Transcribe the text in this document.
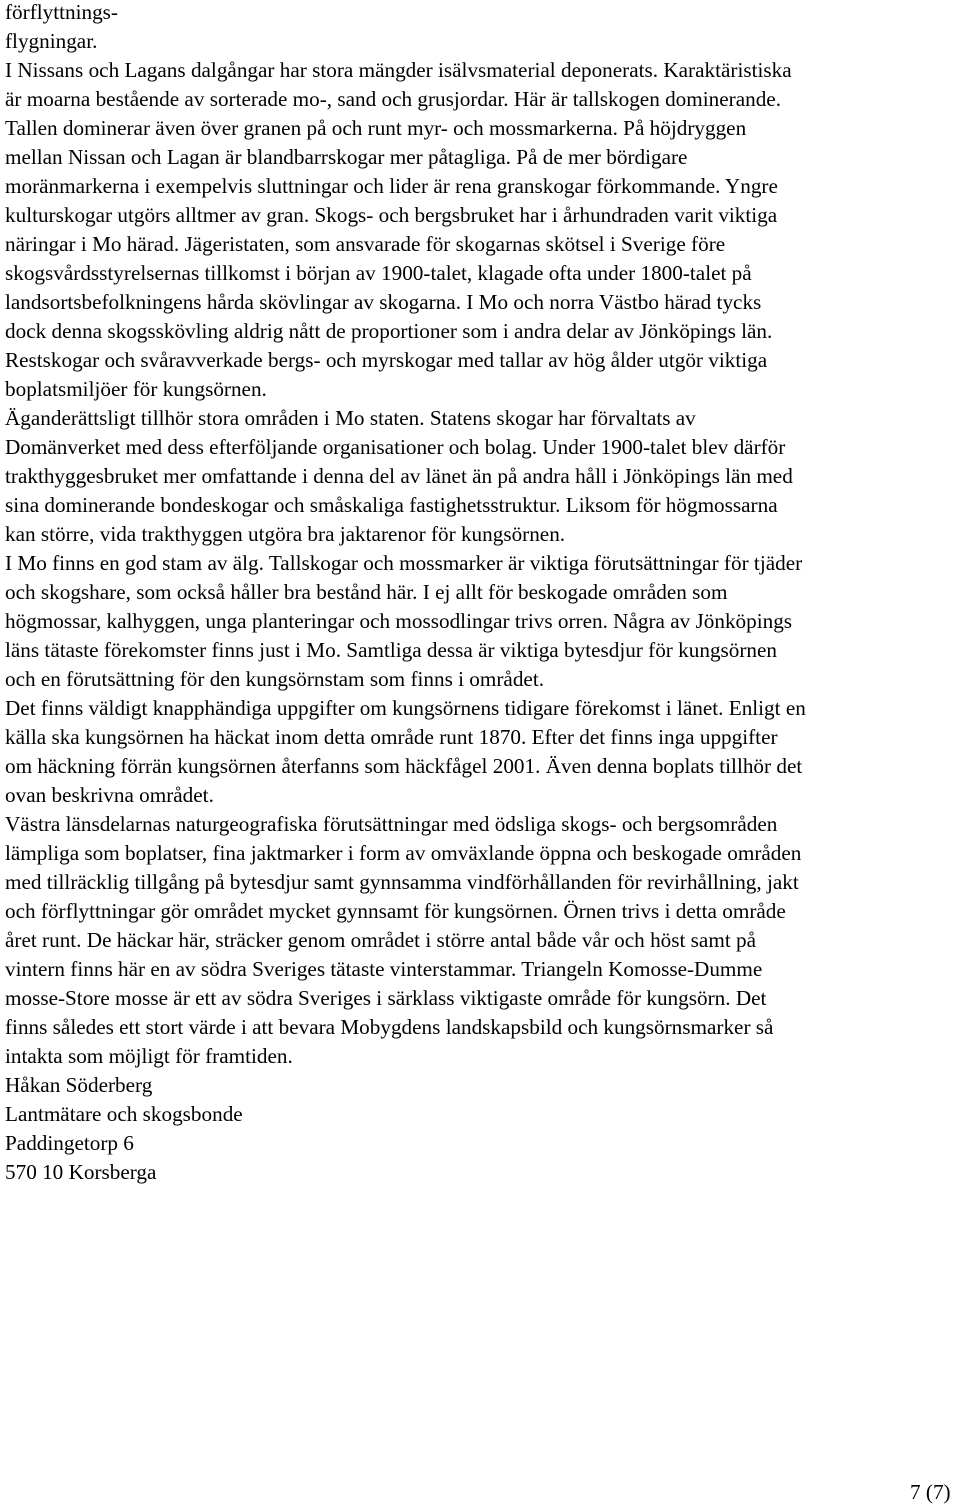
förflyttnings-
flygningar.
I Nissans och Lagans dalgångar har stora mängder isälvsmaterial deponerats. Karaktäristiska
är moarna bestående av sorterade mo-, sand och grusjordar. Här är tallskogen dominerande.
Tallen dominerar även över granen på och runt myr- och mossmarkerna. På höjdryggen
mellan Nissan och Lagan är blandbarrskogar mer påtagliga. På de mer bördigare
moränmarkerna i exempelvis sluttningar och lider är rena granskogar förkommande. Yngre
kulturskogar utgörs alltmer av gran. Skogs- och bergsbruket har i århundraden varit viktiga
näringar i Mo härad. Jägeristaten, som ansvarade för skogarnas skötsel i Sverige före
skogsvårdsstyrelsernas tillkomst i början av 1900-talet, klagade ofta under 1800-talet på
landsortsbefolkningens hårda skövlingar av skogarna. I Mo och norra Västbo härad tycks
dock denna skogsskövling aldrig nått de proportioner som i andra delar av Jönköpings län.
Restskogar och svåravverkade bergs- och myrskogar med tallar av hög ålder utgör viktiga
boplatsmiljöer för kungsörnen.
Äganderättsligt tillhör stora områden i Mo staten. Statens skogar har förvaltats av
Domänverket med dess efterföljande organisationer och bolag. Under 1900-talet blev därför
trakthyggesbruket mer omfattande i denna del av länet än på andra håll i Jönköpings län med
sina dominerande bondeskogar och småskaliga fastighetsstruktur. Liksom för högmossarna
kan större, vida trakthyggen utgöra bra jaktarenor för kungsörnen.
I Mo finns en god stam av älg. Tallskogar och mossmarker är viktiga förutsättningar för tjäder
och skogshare, som också håller bra bestånd här. I ej allt för beskogade områden som
högmossar, kalhyggen, unga planteringar och mossodlingar trivs orren. Några av Jönköpings
läns tätaste förekomster finns just i Mo. Samtliga dessa är viktiga bytesdjur för kungsörnen
och en förutsättning för den kungsörnstam som finns i området.
Det finns väldigt knapphändiga uppgifter om kungsörnens tidigare förekomst i länet. Enligt en
källa ska kungsörnen ha häckat inom detta område runt 1870. Efter det finns inga uppgifter
om häckning förrän kungsörnen återfanns som häckfågel 2001. Även denna boplats tillhör det
ovan beskrivna området.
Västra länsdelarnas naturgeografiska förutsättningar med ödsliga skogs- och bergsområden
lämpliga som boplatser, fina jaktmarker i form av omväxlande öppna och beskogade områden
med tillräcklig tillgång på bytesdjur samt gynnsamma vindförhållanden för revirhållning, jakt
och förflyttningar gör området mycket gynnsamt för kungsörnen. Örnen trivs i detta område
året runt. De häckar här, sträcker genom området i större antal både vår och höst samt på
vintern finns här en av södra Sveriges tätaste vinterstammar. Triangeln Komosse-Dumme
mosse-Store mosse är ett av södra Sveriges i särklass viktigaste område för kungsörn. Det
finns således ett stort värde i att bevara Mobygdens landskapsbild och kungsörnsmarker så
intakta som möjligt för framtiden.
Håkan Söderberg
Lantmätare och skogsbonde
Paddingetorp 6
570 10 Korsberga
7 (7)
